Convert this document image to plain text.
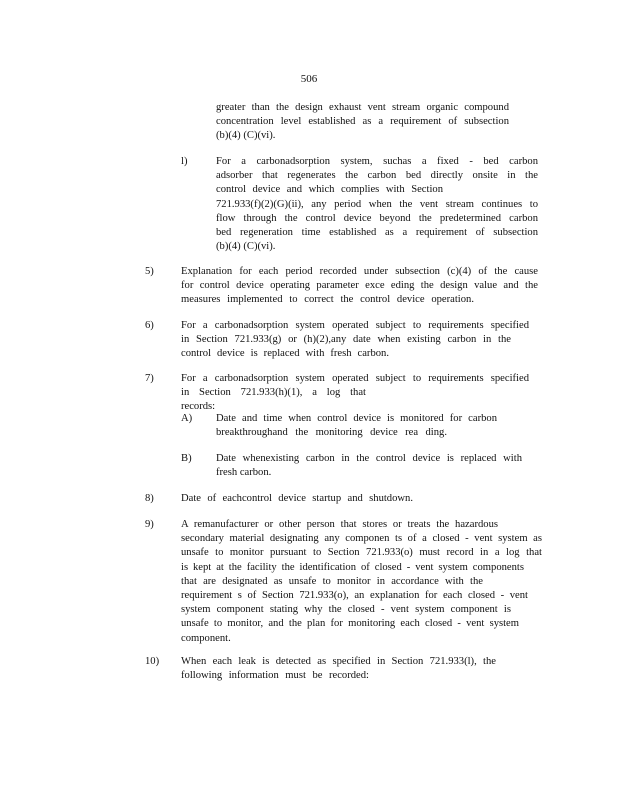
506
greater than the design exhaust vent stream organic compound
concentration level established as a requirement of subsection
(b)(4) (C)(vi).
l)	For a carbonadsorption system, suchas a fixed - bed carbon
adsorber that regenerates the carbon bed directly onsite in the
control device and which complies with Section
721.933(f)(2)(G)(ii), any period when the vent stream continues to
flow through the control device beyond the predetermined carbon
bed regeneration time established as a requirement of subsection
(b)(4) (C)(vi).
5)	Explanation for each period recorded under subsection (c)(4) of the cause
for control device operating parameter exce eding the design value and the
measures implemented to correct the control device operation.
6)	For a carbonadsorption system operated subject to requirements specified
in Section 721.933(g) or (h)(2),any date when existing carbon in the
control device is replaced with fresh carbon.
7)	For a carbonadsorption system operated subject to requirements specified
in Section 721.933(h)(1), a log that records:
A) Date and time when control device is monitored for carbon
breakthroughand the monitoring device rea ding.
B) Date whenexisting carbon in the control device is replaced with
fresh carbon.
8)	Date of eachcontrol device startup and shutdown.
9)	A remanufacturer or other person that stores or treats the hazardous
secondary material designating any componen ts of a closed - vent system as
unsafe to monitor pursuant to Section 721.933(o) must record in a log that
is kept at the facility the identification of closed - vent system components
that are designated as unsafe to monitor in accordance with the
requirement s of Section 721.933(o), an explanation for each closed - vent
system component stating why the closed - vent system component is
unsafe to monitor, and the plan for monitoring each closed - vent system
component.
10) When each leak is detected as specified in Section 721.933(l), the
following information must be recorded:
